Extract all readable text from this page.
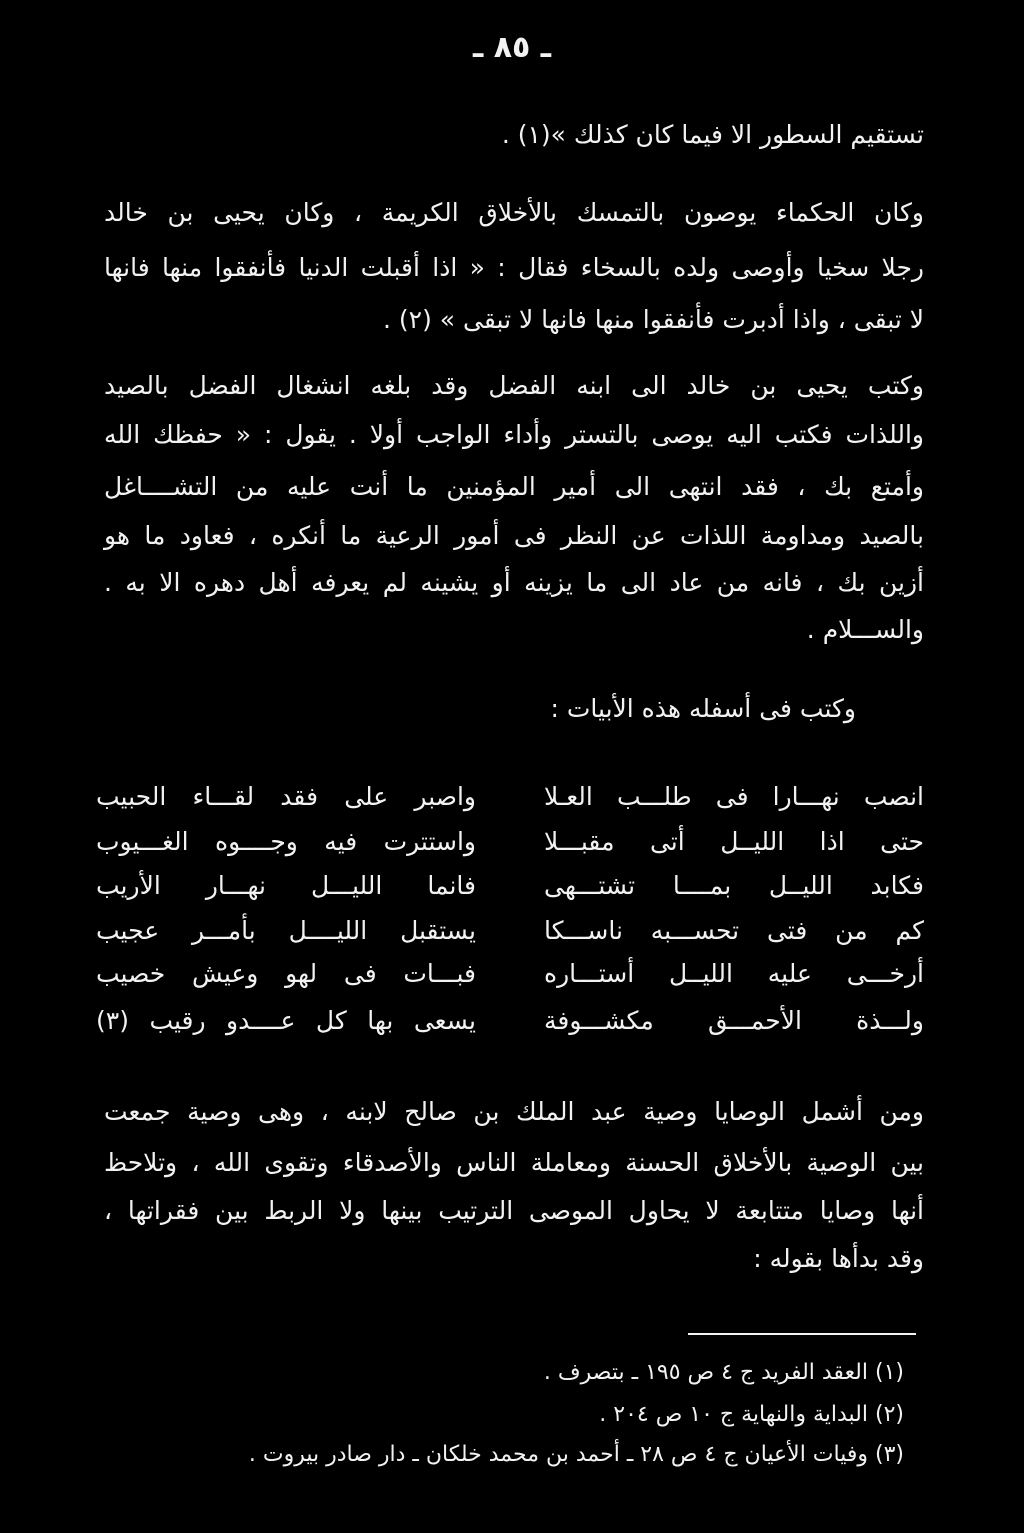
ـ ٨٥ ـ
تستقيم السطور الا فيما كان كذلك »(١) .
وكان الحكماء يوصون بالتمسك بالأخلاق الكريمة ، وكان يحيى بن خالد
رجلا سخيا وأوصى ولده بالسخاء فقال : « اذا أقبلت الدنيا فأنفقوا منها فانها
لا تبقى ، واذا أدبرت فأنفقوا منها فانها لا تبقى » (٢) .
وكتب يحيى بن خالد الى ابنه الفضل وقد بلغه انشغال الفضل بالصيد
واللذات فكتب اليه يوصى بالتستر وأداء الواجب أولا . يقول : « حفظك الله
وأمتع بك ، فقد انتهى الى أمير المؤمنين ما أنت عليه من التشــــاغل
بالصيد ومداومة اللذات عن النظر فى أمور الرعية ما أنكره ، فعاود ما هو
أزين بك ، فانه من عاد الى ما يزينه أو يشينه لم يعرفه أهل دهره الا به .
والســـلام .
وكتب فى أسفله هذه الأبيات :
انصب نهـــارا فى طلـــب العـلا
واصبر على فقد لقـــاء الحبيب
حتى اذا الليــل أتى مقبـــلا
واستترت فيه وجــــوه الغـــيوب
فكابد الليــل بمــــا تشتـــهى
فانما الليـــل نهـــار الأريب
كم من فتى تحســـبه ناســـكا
يستقبل الليــــل بأمـــر عجيب
أرخـــى عليه الليــل أستـــاره
فبـــات فى لهو وعيش خصيب
ولـــذة الأحمـــق مكشـــوفة
يسعى بها كل عــــدو رقيب (٣)
ومن أشمل الوصايا وصية عبد الملك بن صالح لابنه ، وهى وصية جمعت
بين الوصية بالأخلاق الحسنة ومعاملة الناس والأصدقاء وتقوى الله ، وتلاحظ
أنها وصايا متتابعة لا يحاول الموصى الترتيب بينها ولا الربط بين فقراتها ،
وقد بدأها بقوله :
(١) العقد الفريد ج ٤ ص ١٩٥ ـ بتصرف .
(٢) البداية والنهاية ج ١٠ ص ٢٠٤ .
(٣) وفيات الأعيان ج ٤ ص ٢٨ ـ أحمد بن محمد خلكان ـ دار صادر بيروت .
